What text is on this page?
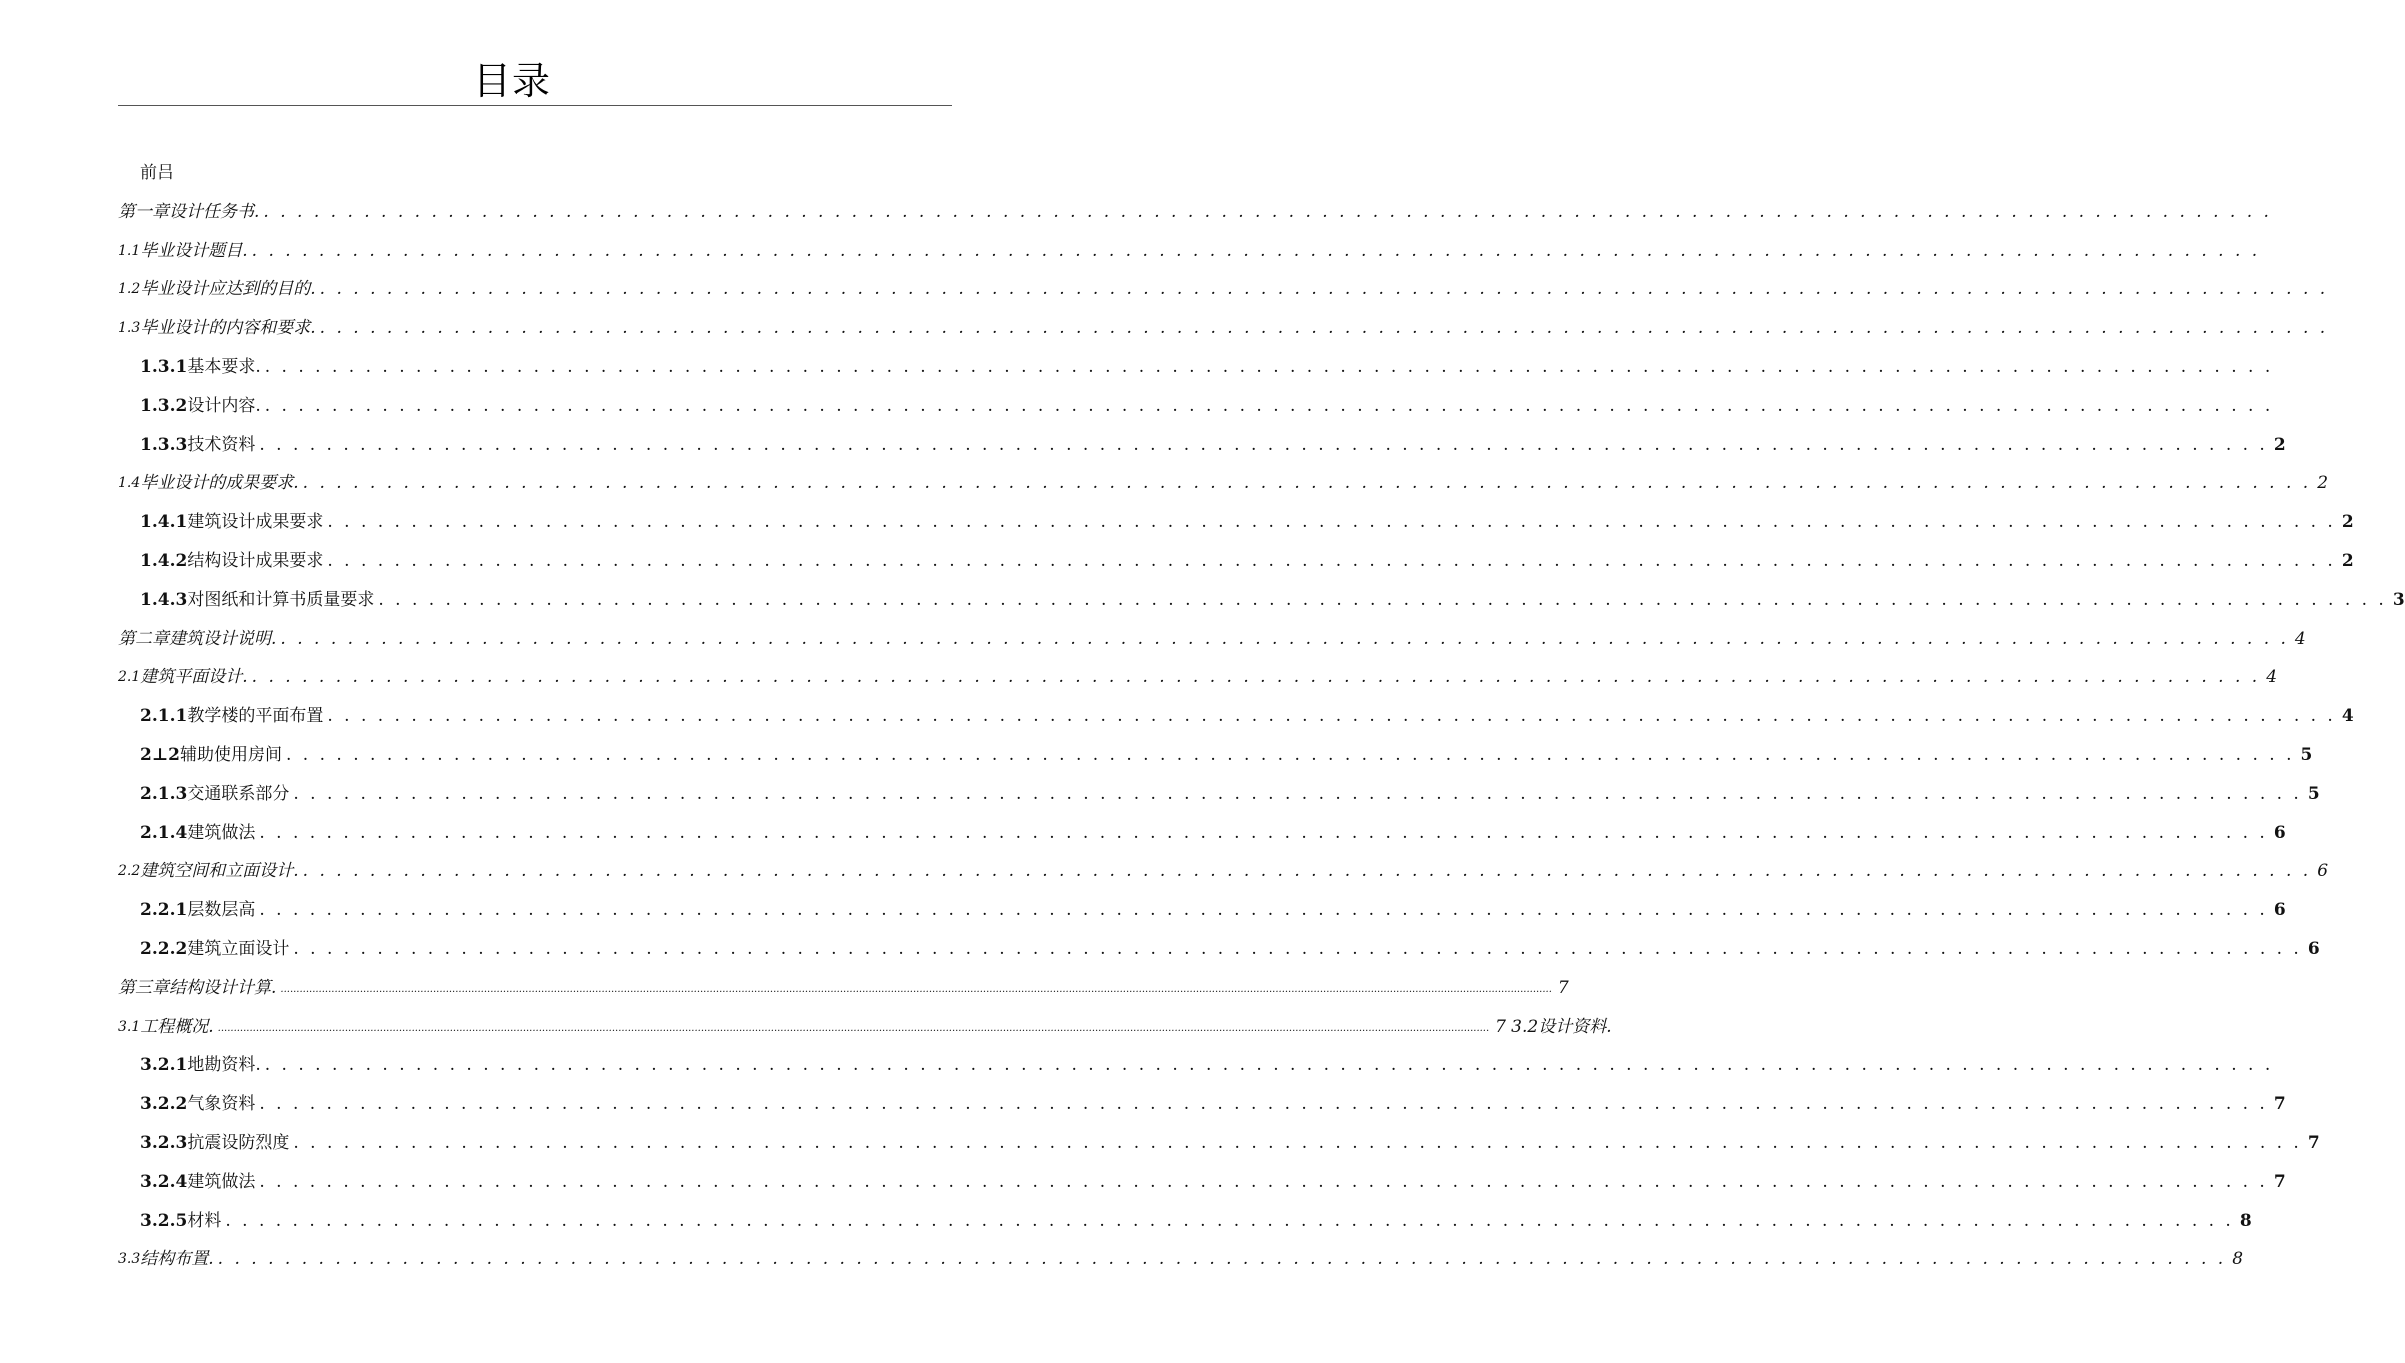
目录
前吕
第一章设计任务书. . . . . . . . . . . . . . . . . . . . . . . . . . . . . . . . . . . . . . . . . . . . . . . . . . . . . . . . . . . . . . . . . . . . . . . . . . . . . . . . . . . . . . . . . . . . . . . . . . . . . . . . . . . . . . . . . . . . . . . . .
1.1 毕业设计题目. . . . . . . . . . . . . . . . . . . . . . . . . . . . . . . . . . . . . . . . . . . . . . . . . . . . . . . . . . . . . . . . . . . . . . . . . . . . . . . . . . . . . . . . . . . . . . . . . . . . . . . . . . . . . . . . . . . . . . . . .
1.2 毕业设计应达到的目的. . . . . . . . . . . . . . . . . . . . . . . . . . . . . . . . . . . . . . . . . . . . . . . . . . . . . . . . . . . . . . . . . . . . . . . . . . . . . . . . . . . . . . . . . . . . . . . . . . . . . . . . . . . . . . . . . . . . . . . . .
1.3 毕业设计的内容和要求. . . . . . . . . . . . . . . . . . . . . . . . . . . . . . . . . . . . . . . . . . . . . . . . . . . . . . . . . . . . . . . . . . . . . . . . . . . . . . . . . . . . . . . . . . . . . . . . . . . . . . . . . . . . . . . . . . . . . . . . .
1.3.1 基本要求. . . . . . . . . . . . . . . . . . . . . . . . . . . . . . . . . . . . . . . . . . . . . . . . . . . . . . . . . . . . . . . . . . . . . . . . . . . . . . . . . . . . . . . . . . . . . . . . . . . . . . . . . . . . . . . . . . . . . . . . .
1.3.2 设计内容. . . . . . . . . . . . . . . . . . . . . . . . . . . . . . . . . . . . . . . . . . . . . . . . . . . . . . . . . . . . . . . . . . . . . . . . . . . . . . . . . . . . . . . . . . . . . . . . . . . . . . . . . . . . . . . . . . . . . . . . .
1.3.3 技术资料 . . . . . . . . . . . . . . . . . . . . . . . . . . . . . . . . . . . . . . . . . . . . . . . . . . . . . . . . . . . . . . . . . . . . . . . . . . . . . . . . . . . . . . . . . . . . . . . . . . . . . . . . . . . . . . . . . . . . . . . . 2
1.4 毕业设计的成果要求. . . . . . . . . . . . . . . . . . . . . . . . . . . . . . . . . . . . . . . . . . . . . . . . . . . . . . . . . . . . . . . . . . . . . . . . . . . . . . . . . . . . . . . . . . . . . . . . . . . . . . . . . . . . . . . . . . . . . . . . . 2
1.4.1 建筑设计成果要求 . . . . . . . . . . . . . . . . . . . . . . . . . . . . . . . . . . . . . . . . . . . . . . . . . . . . . . . . . . . . . . . . . . . . . . . . . . . . . . . . . . . . . . . . . . . . . . . . . . . . . . . . . . . . . . . . . . . . . . . . 2
1.4.2 结构设计成果要求 . . . . . . . . . . . . . . . . . . . . . . . . . . . . . . . . . . . . . . . . . . . . . . . . . . . . . . . . . . . . . . . . . . . . . . . . . . . . . . . . . . . . . . . . . . . . . . . . . . . . . . . . . . . . . . . . . . . . . . . . 2
1.4.3 对图纸和计算书质量要求 . . . . . . . . . . . . . . . . . . . . . . . . . . . . . . . . . . . . . . . . . . . . . . . . . . . . . . . . . . . . . . . . . . . . . . . . . . . . . . . . . . . . . . . . . . . . . . . . . . . . . . . . . . . . . . . . . . . . . . . . 3
第二章建筑设计说明. . . . . . . . . . . . . . . . . . . . . . . . . . . . . . . . . . . . . . . . . . . . . . . . . . . . . . . . . . . . . . . . . . . . . . . . . . . . . . . . . . . . . . . . . . . . . . . . . . . . . . . . . . . . . . . . . . . . . . . . . 4
2.1 建筑平面设计. . . . . . . . . . . . . . . . . . . . . . . . . . . . . . . . . . . . . . . . . . . . . . . . . . . . . . . . . . . . . . . . . . . . . . . . . . . . . . . . . . . . . . . . . . . . . . . . . . . . . . . . . . . . . . . . . . . . . . . . . 4
2.1.1 教学楼的平面布置 . . . . . . . . . . . . . . . . . . . . . . . . . . . . . . . . . . . . . . . . . . . . . . . . . . . . . . . . . . . . . . . . . . . . . . . . . . . . . . . . . . . . . . . . . . . . . . . . . . . . . . . . . . . . . . . . . . . . . . . . 4
2⊥2 辅助使用房间 . . . . . . . . . . . . . . . . . . . . . . . . . . . . . . . . . . . . . . . . . . . . . . . . . . . . . . . . . . . . . . . . . . . . . . . . . . . . . . . . . . . . . . . . . . . . . . . . . . . . . . . . . . . . . . . . . . . . . . . . 5
2.1.3 交通联系部分 . . . . . . . . . . . . . . . . . . . . . . . . . . . . . . . . . . . . . . . . . . . . . . . . . . . . . . . . . . . . . . . . . . . . . . . . . . . . . . . . . . . . . . . . . . . . . . . . . . . . . . . . . . . . . . . . . . . . . . . . 5
2.1.4 建筑做法 . . . . . . . . . . . . . . . . . . . . . . . . . . . . . . . . . . . . . . . . . . . . . . . . . . . . . . . . . . . . . . . . . . . . . . . . . . . . . . . . . . . . . . . . . . . . . . . . . . . . . . . . . . . . . . . . . . . . . . . . 6
2.2 建筑空间和立面设计. . . . . . . . . . . . . . . . . . . . . . . . . . . . . . . . . . . . . . . . . . . . . . . . . . . . . . . . . . . . . . . . . . . . . . . . . . . . . . . . . . . . . . . . . . . . . . . . . . . . . . . . . . . . . . . . . . . . . . . . . 6
2.2.1 层数层高 . . . . . . . . . . . . . . . . . . . . . . . . . . . . . . . . . . . . . . . . . . . . . . . . . . . . . . . . . . . . . . . . . . . . . . . . . . . . . . . . . . . . . . . . . . . . . . . . . . . . . . . . . . . . . . . . . . . . . . . . 6
2.2.2 建筑立面设计 . . . . . . . . . . . . . . . . . . . . . . . . . . . . . . . . . . . . . . . . . . . . . . . . . . . . . . . . . . . . . . . . . . . . . . . . . . . . . . . . . . . . . . . . . . . . . . . . . . . . . . . . . . . . . . . . . . . . . . . . 6
第三章结构设计计算. ................................................................................................................................................................................................................................................................................................................................................................................................................ 7
3.1 工程概况. ................................................................................................................................................................................................................................................................................................................................................................................................................ 7 3.2设计资料.
3.2.1 地勘资料. . . . . . . . . . . . . . . . . . . . . . . . . . . . . . . . . . . . . . . . . . . . . . . . . . . . . . . . . . . . . . . . . . . . . . . . . . . . . . . . . . . . . . . . . . . . . . . . . . . . . . . . . . . . . . . . . . . . . . . . .
3.2.2 气象资料 . . . . . . . . . . . . . . . . . . . . . . . . . . . . . . . . . . . . . . . . . . . . . . . . . . . . . . . . . . . . . . . . . . . . . . . . . . . . . . . . . . . . . . . . . . . . . . . . . . . . . . . . . . . . . . . . . . . . . . . . 7
3.2.3 抗震设防烈度 . . . . . . . . . . . . . . . . . . . . . . . . . . . . . . . . . . . . . . . . . . . . . . . . . . . . . . . . . . . . . . . . . . . . . . . . . . . . . . . . . . . . . . . . . . . . . . . . . . . . . . . . . . . . . . . . . . . . . . . . 7
3.2.4 建筑做法 . . . . . . . . . . . . . . . . . . . . . . . . . . . . . . . . . . . . . . . . . . . . . . . . . . . . . . . . . . . . . . . . . . . . . . . . . . . . . . . . . . . . . . . . . . . . . . . . . . . . . . . . . . . . . . . . . . . . . . . . 7
3.2.5 材料 . . . . . . . . . . . . . . . . . . . . . . . . . . . . . . . . . . . . . . . . . . . . . . . . . . . . . . . . . . . . . . . . . . . . . . . . . . . . . . . . . . . . . . . . . . . . . . . . . . . . . . . . . . . . . . . . . . . . . . . . 8
3.3 结构布置. . . . . . . . . . . . . . . . . . . . . . . . . . . . . . . . . . . . . . . . . . . . . . . . . . . . . . . . . . . . . . . . . . . . . . . . . . . . . . . . . . . . . . . . . . . . . . . . . . . . . . . . . . . . . . . . . . . . . . . . . 8
